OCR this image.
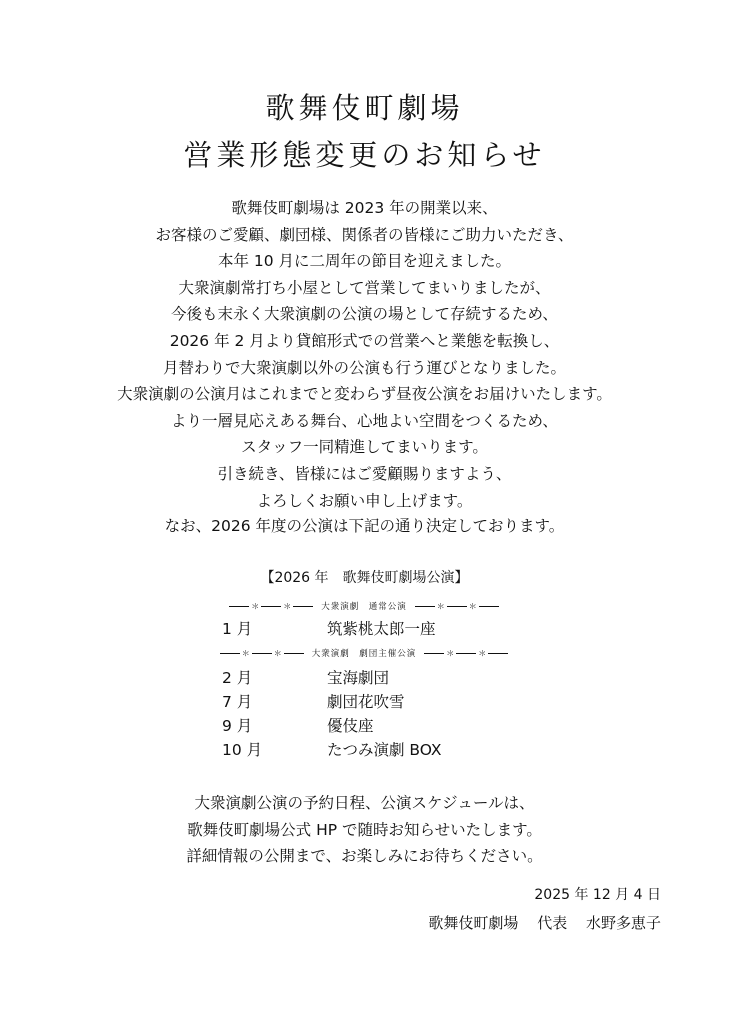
歌舞伎町劇場
営業形態変更のお知らせ
歌舞伎町劇場は 2023 年の開業以来、
お客様のご愛顧、劇団様、関係者の皆様にご助力いただき、
本年 10 月に二周年の節目を迎えました。
大衆演劇常打ち小屋として営業してまいりましたが、
今後も末永く大衆演劇の公演の場として存続するため、
2026 年 2 月より貸館形式での営業へと業態を転換し、
月替わりで大衆演劇以外の公演も行う運びとなりました。
大衆演劇の公演月はこれまでと変わらず昼夜公演をお届けいたします。
より一層見応えある舞台、心地よい空間をつくるため、
スタッフ一同精進してまいります。
引き続き、皆様にはご愛顧賜りますよう、
よろしくお願い申し上げます。
なお、2026 年度の公演は下記の通り決定しております。
【2026 年　歌舞伎町劇場公演】
＊	＊	大衆演劇　通常公演	＊	＊
1 月	筑紫桃太郎一座
＊	＊	大衆演劇　劇団主催公演	＊	＊
2 月	宝海劇団
7 月	劇団花吹雪
9 月	優伎座
10 月	たつみ演劇 BOX
大衆演劇公演の予約日程、公演スケジュールは、
歌舞伎町劇場公式 HP で随時お知らせいたします。
詳細情報の公開まで、お楽しみにお待ちください。
2025 年 12 月 4 日
歌舞伎町劇場 代表 水野多恵子
